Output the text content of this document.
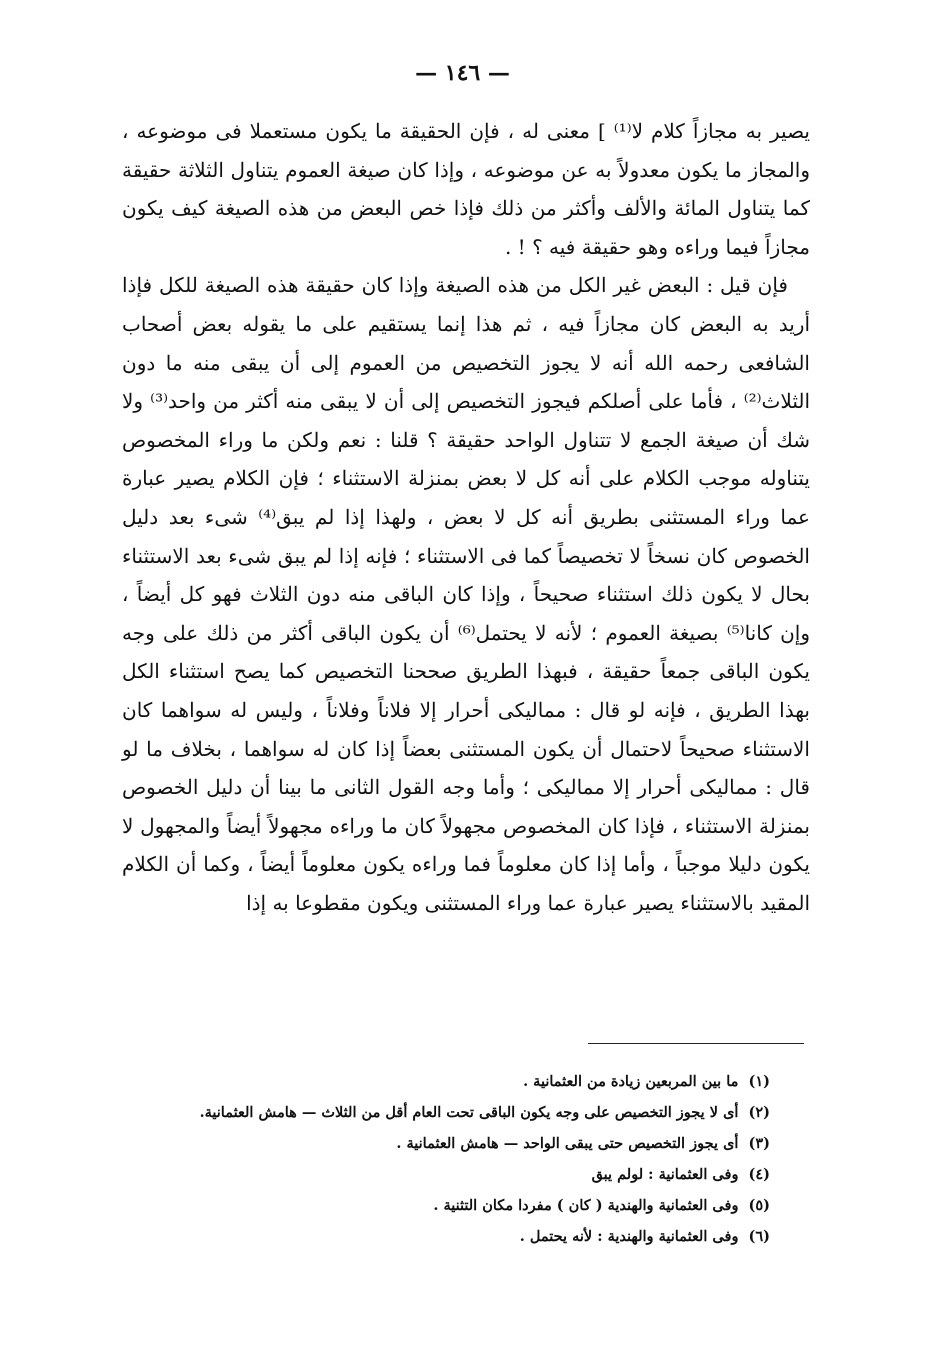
— ١٤٦ —

يصير به مجازاً كلام لا⁽¹⁾ ] معنى له ، فإن الحقيقة ما يكون مستعملا فى موضوعه ، والمجاز ما يكون معدولاً به عن موضوعه ، وإذا كان صيغة العموم يتناول الثلاثة حقيقة كما يتناول المائة والألف وأكثر من ذلك فإذا خص البعض من هذه الصيغة كيف يكون مجازاً فيما وراءه وهو حقيقة فيه ؟ ! .

فإن قيل : البعض غير الكل من هذه الصيغة وإذا كان حقيقة هذه الصيغة للكل فإذا أريد به البعض كان مجازاً فيه ، ثم هذا إنما يستقيم على ما يقوله بعض أصحاب الشافعى رحمه الله أنه لا يجوز التخصيص من العموم إلى أن يبقى منه ما دون الثلاث⁽²⁾ ، فأما على أصلكم فيجوز التخصيص إلى أن لا يبقى منه أكثر من واحد⁽³⁾ ولا شك أن صيغة الجمع لا تتناول الواحد حقيقة ؟ قلنا : نعم ولكن ما وراء المخصوص يتناوله موجب الكلام على أنه كل لا بعض بمنزلة الاستثناء ؛ فإن الكلام يصير عبارة عما وراء المستثنى بطريق أنه كل لا بعض ، ولهذا إذا لم يبق⁽⁴⁾ شىء بعد دليل الخصوص كان نسخاً لا تخصيصاً كما فى الاستثناء ؛ فإنه إذا لم يبق شىء بعد الاستثناء بحال لا يكون ذلك استثناء صحيحاً ، وإذا كان الباقى منه دون الثلاث فهو كل أيضاً ، وإن كانا⁽⁵⁾ بصيغة العموم ؛ لأنه لا يحتمل⁽⁶⁾ أن يكون الباقى أكثر من ذلك على وجه يكون الباقى جمعاً حقيقة ، فبهذا الطريق صححنا التخصيص كما يصح استثناء الكل بهذا الطريق ، فإنه لو قال : مماليكى أحرار إلا فلاناً وفلاناً ، وليس له سواهما كان الاستثناء صحيحاً لاحتمال أن يكون المستثنى بعضاً إذا كان له سواهما ، بخلاف ما لو قال : مماليكى أحرار إلا مماليكى ؛ وأما وجه القول الثانى ما بينا أن دليل الخصوص بمنزلة الاستثناء ، فإذا كان المخصوص مجهولاً كان ما وراءه مجهولاً أيضاً والمجهول لا يكون دليلا موجباً ، وأما إذا كان معلوماً فما وراءه يكون معلوماً أيضاً ، وكما أن الكلام المقيد بالاستثناء يصير عبارة عما وراء المستثنى ويكون مقطوعا به إذا

(١)ما بين المربعين زيادة من العثمانية .
(٢)أى لا يجوز التخصيص على وجه يكون الباقى تحت العام أقل من الثلاث — هامش العثمانية.
(٣)أى يجوز التخصيص حتى يبقى الواحد — هامش العثمانية .
(٤)وفى العثمانية : لولم يبق
(٥)وفى العثمانية والهندية ( كان ) مفردا مكان التثنية .
(٦)وفى العثمانية والهندية : لأنه يحتمل .
